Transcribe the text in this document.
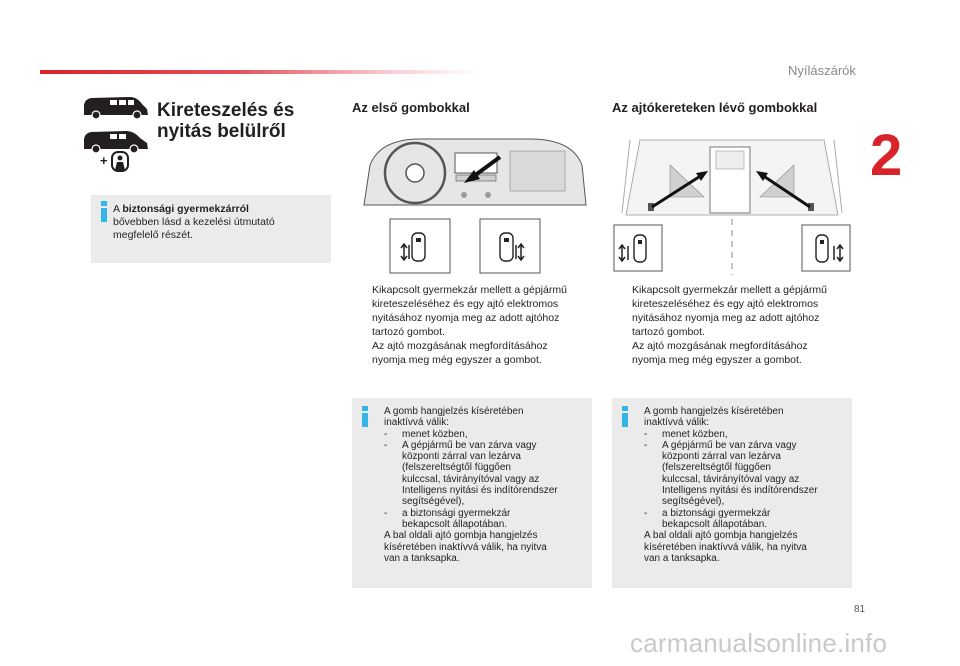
Nyílászárók
2
+
Kireteszelés és
nyitás belülről
A biztonsági gyermekzárról
bővebben lásd a kezelési útmutató
megfelelő részét.
Az első gombokkal
Kikapcsolt gyermekzár mellett a gépjármű
kireteszeléséhez és egy ajtó elektromos
nyitásához nyomja meg az adott ajtóhoz
tartozó gombot.
Az ajtó mozgásának megfordításához
nyomja meg még egyszer a gombot.
A gomb hangjelzés kíséretében
inaktívvá válik:
-	menet közben,
-	A gépjármű be van zárva vagy
központi zárral van lezárva
(felszereltségtől függően
kulccsal, távirányítóval vagy az
Intelligens nyitási és indítórendszer
segítségével),
-	a biztonsági gyermekzár
bekapcsolt állapotában.
A bal oldali ajtó gombja hangjelzés
kíséretében inaktívvá válik, ha nyitva
van a tanksapka.
Az ajtókereteken lévő gombokkal
Kikapcsolt gyermekzár mellett a gépjármű
kireteszeléséhez és egy ajtó elektromos
nyitásához nyomja meg az adott ajtóhoz
tartozó gombot.
Az ajtó mozgásának megfordításához
nyomja meg még egyszer a gombot.
A gomb hangjelzés kíséretében
inaktívvá válik:
-	menet közben,
-	A gépjármű be van zárva vagy
központi zárral van lezárva
(felszereltségtől függően
kulccsal, távirányítóval vagy az
Intelligens nyitási és indítórendszer
segítségével),
-	a biztonsági gyermekzár
bekapcsolt állapotában.
A bal oldali ajtó gombja hangjelzés
kíséretében inaktívvá válik, ha nyitva
van a tanksapka.
81
carmanualsonline.info
